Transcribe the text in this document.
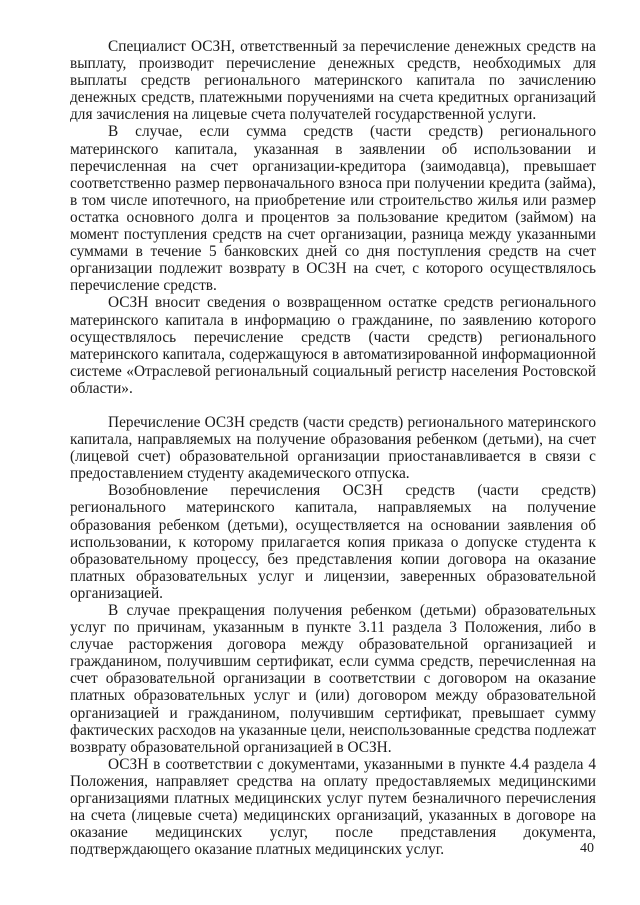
Специалист ОСЗН, ответственный за перечисление денежных средств на выплату, производит перечисление денежных средств, необходимых для выплаты средств регионального материнского капитала по зачислению денежных средств, платежными поручениями на счета кредитных организаций для зачисления на лицевые счета получателей государственной услуги.

В случае, если сумма средств (части средств) регионального материнского капитала, указанная в заявлении об использовании и перечисленная на счет организации-кредитора (заимодавца), превышает соответственно размер первоначального взноса при получении кредита (займа), в том числе ипотечного, на приобретение или строительство жилья или размер остатка основного долга и процентов за пользование кредитом (займом) на момент поступления средств на счет организации, разница между указанными суммами в течение 5 банковских дней со дня поступления средств на счет организации подлежит возврату в ОСЗН на счет, с которого осуществлялось перечисление средств.

ОСЗН вносит сведения о возвращенном остатке средств регионального материнского капитала в информацию о гражданине, по заявлению которого осуществлялось перечисление средств (части средств) регионального материнского капитала, содержащуюся в автоматизированной информационной системе «Отраслевой региональный социальный регистр населения Ростовской области».

Перечисление ОСЗН средств (части средств) регионального материнского капитала, направляемых на получение образования ребенком (детьми), на счет (лицевой счет) образовательной организации приостанавливается в связи с предоставлением студенту академического отпуска.

Возобновление перечисления ОСЗН средств (части средств) регионального материнского капитала, направляемых на получение образования ребенком (детьми), осуществляется на основании заявления об использовании, к которому прилагается копия приказа о допуске студента к образовательному процессу, без представления копии договора на оказание платных образовательных услуг и лицензии, заверенных образовательной организацией.

В случае прекращения получения ребенком (детьми) образовательных услуг по причинам, указанным в пункте 3.11 раздела 3 Положения, либо в случае расторжения договора между образовательной организацией и гражданином, получившим сертификат, если сумма средств, перечисленная на счет образовательной организации в соответствии с договором на оказание платных образовательных услуг и (или) договором между образовательной организацией и гражданином, получившим сертификат, превышает сумму фактических расходов на указанные цели, неиспользованные средства подлежат возврату образовательной организацией в ОСЗН.

ОСЗН в соответствии с документами, указанными в пункте 4.4 раздела 4 Положения, направляет средства на оплату предоставляемых медицинскими организациями платных медицинских услуг путем безналичного перечисления на счета (лицевые счета) медицинских организаций, указанных в договоре на оказание медицинских услуг, после представления документа, подтверждающего оказание платных медицинских услуг.	40
